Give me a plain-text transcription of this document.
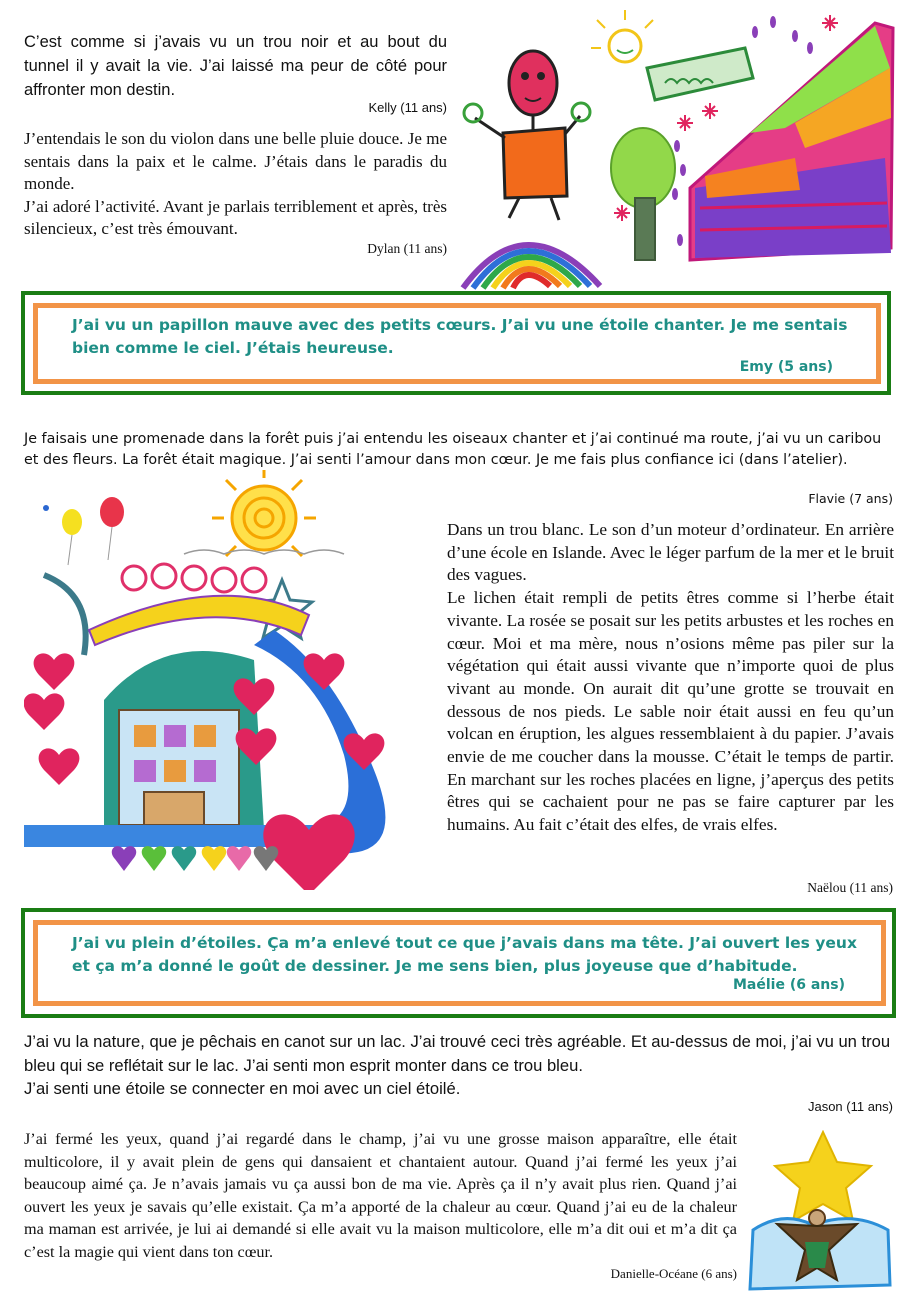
C’est comme si j’avais vu un trou noir et au bout du tunnel il y avait la vie. J’ai laissé ma peur de côté pour affronter mon destin.
Kelly (11 ans)
J’entendais le son du violon dans une belle pluie douce. Je me sentais dans la paix et le calme. J’étais dans le paradis du monde.
J’ai adoré l’activité. Avant je parlais terriblement et après, très silencieux, c’est très émouvant.
Dylan (11 ans)
J’ai vu un papillon mauve avec des petits cœurs. J’ai vu une étoile chanter. Je me sentais bien comme le ciel. J’étais heureuse.
Emy (5 ans)
Je faisais une promenade dans la forêt puis j’ai entendu les oiseaux chanter et j’ai continué ma route, j’ai vu un caribou et des fleurs. La forêt était magique. J’ai senti l’amour dans mon cœur. Je me fais plus confiance ici (dans l’atelier).
Flavie (7 ans)
Dans un trou blanc. Le son d’un moteur d’ordinateur. En arrière d’une école en Islande. Avec le léger parfum de la mer et le bruit des vagues.
Le lichen était rempli de petits êtres comme si l’herbe était vivante. La rosée se posait sur les petits arbustes et les roches en cœur. Moi et ma mère, nous n’osions même pas piler sur la végétation qui était aussi vivante que n’importe quoi de plus vivant au monde. On aurait dit qu’une grotte se trouvait en dessous de nos pieds. Le sable noir était aussi en feu qu’un volcan en éruption, les algues ressemblaient à du papier. J’avais envie de me coucher dans la mousse. C’était le temps de partir. En marchant sur les roches placées en ligne, j’aperçus des petits êtres qui se cachaient pour ne pas se faire capturer par les humains. Au fait c’était des elfes, de vrais elfes.
Naëlou (11 ans)
J’ai vu plein d’étoiles. Ça m’a enlevé tout ce que j’avais dans ma tête. J’ai ouvert les yeux et ça m’a donné le goût de dessiner. Je me sens bien, plus joyeuse que d’habitude.
Maélie (6 ans)
J’ai vu la nature, que je pêchais en canot sur un lac. J’ai trouvé ceci très agréable. Et au-dessus de moi, j’ai vu un trou bleu qui se reflétait sur le lac. J’ai senti mon esprit monter dans ce trou bleu.
J’ai senti une étoile se connecter en moi avec un ciel étoilé.
Jason (11 ans)
J’ai fermé les yeux, quand j’ai regardé dans le champ, j’ai vu une grosse maison apparaître, elle était multicolore, il y avait plein de gens qui dansaient et chantaient autour. Quand j’ai fermé les yeux j’ai beaucoup aimé ça. Je n’avais jamais vu ça aussi bon de ma vie. Après ça il n’y avait plus rien. Quand j’ai ouvert les yeux je savais qu’elle existait. Ça m’a apporté de la chaleur au cœur. Quand j’ai eu de la chaleur ma maman est arrivée, je lui ai demandé si elle avait vu la maison multicolore, elle m’a dit oui et m’a dit ça c’est la magie qui vient dans ton cœur.
Danielle-Océane (6 ans)
